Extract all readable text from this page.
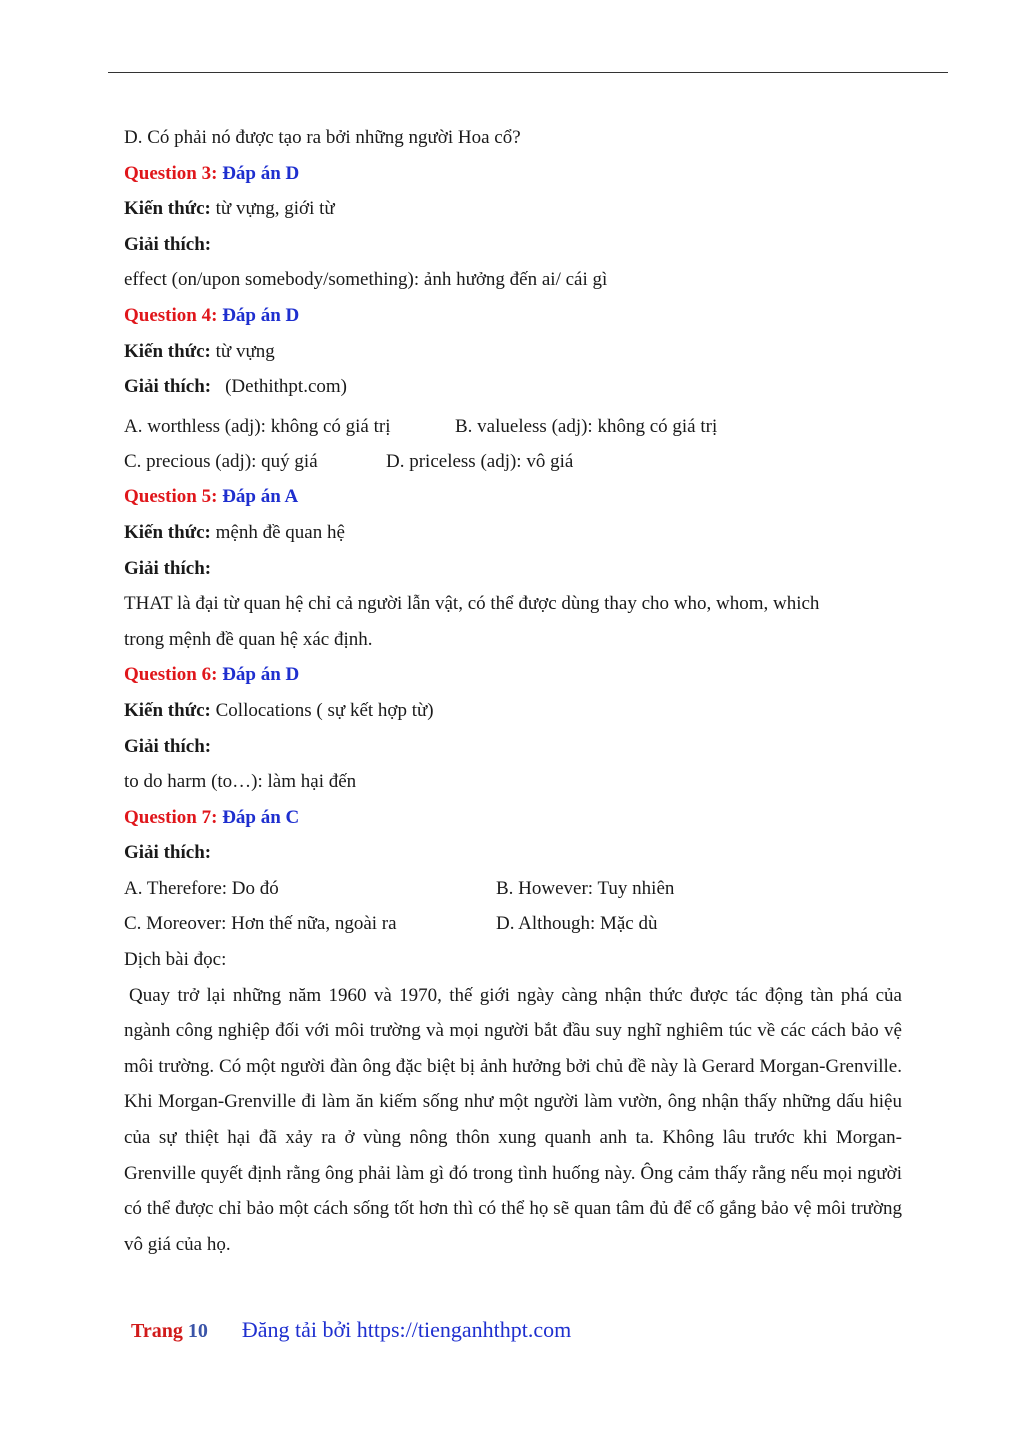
D. Có phải nó được tạo ra bởi những người Hoa cổ?
Question 3: Đáp án D
Kiến thức: từ vựng, giới từ
Giải thích:
effect (on/upon somebody/something): ảnh hưởng đến ai/ cái gì
Question 4: Đáp án D
Kiến thức: từ vựng
Giải thích: (Dethithpt.com)
A. worthless (adj): không có giá trị	B. valueless (adj): không có giá trị
C. precious (adj): quý giá	D. priceless (adj): vô giá
Question 5: Đáp án A
Kiến thức: mệnh đề quan hệ
Giải thích:
THAT là đại từ quan hệ chỉ cả người lẫn vật, có thể được dùng thay cho who, whom, which
trong mệnh đề quan hệ xác định.
Question 6: Đáp án D
Kiến thức: Collocations ( sự kết hợp từ)
Giải thích:
to do harm (to…): làm hại đến
Question 7: Đáp án C
Giải thích:
A. Therefore: Do đó	B. However: Tuy nhiên
C. Moreover: Hơn thế nữa, ngoài ra	D. Although: Mặc dù
Dịch bài đọc:

Quay trở lại những năm 1960 và 1970, thế giới ngày càng nhận thức được tác động tàn phá của ngành công nghiệp đối với môi trường và mọi người bắt đầu suy nghĩ nghiêm túc về các cách bảo vệ môi trường. Có một người đàn ông đặc biệt bị ảnh hưởng bởi chủ đề này là Gerard Morgan-Grenville. Khi Morgan-Grenville đi làm ăn kiếm sống như một người làm vườn, ông nhận thấy những dấu hiệu của sự thiệt hại đã xảy ra ở vùng nông thôn xung quanh anh ta. Không lâu trước khi Morgan-Grenville quyết định rằng ông phải làm gì đó trong tình huống này. Ông cảm thấy rằng nếu mọi người có thể được chỉ bảo một cách sống tốt hơn thì có thể họ sẽ quan tâm đủ để cố gắng bảo vệ môi trường vô giá của họ.

Trang 10 Đăng tải bởi https://tienganhthpt.com
